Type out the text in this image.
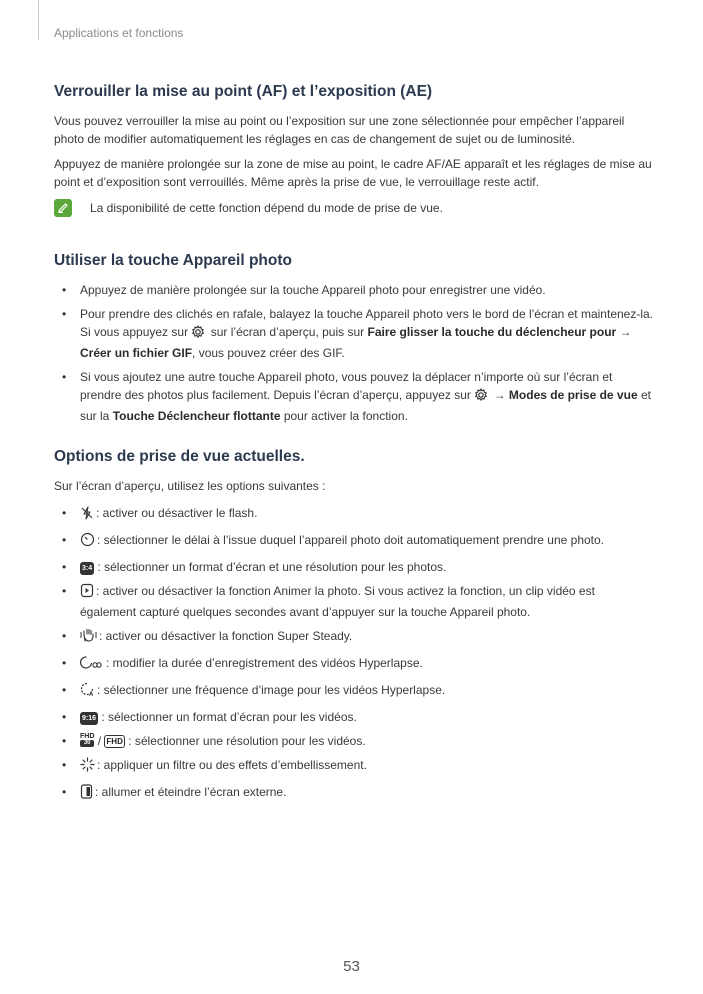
Applications et fonctions
Verrouiller la mise au point (AF) et l’exposition (AE)

Vous pouvez verrouiller la mise au point ou l’exposition sur une zone sélectionnée pour empêcher l’appareil photo de modifier automatiquement les réglages en cas de changement de sujet ou de luminosité.

Appuyez de manière prolongée sur la zone de mise au point, le cadre AF/AE apparaît et les réglages de mise au point et d’exposition sont verrouillés. Même après la prise de vue, le verrouillage reste actif.

La disponibilité de cette fonction dépend du mode de prise de vue.
Utiliser la touche Appareil photo
• Appuyez de manière prolongée sur la touche Appareil photo pour enregistrer une vidéo.
• Pour prendre des clichés en rafale, balayez la touche Appareil photo vers le bord de l’écran et maintenez-la. Si vous appuyez sur  sur l’écran d’aperçu, puis sur Faire glisser la touche du déclencheur pour → Créer un fichier GIF, vous pouvez créer des GIF.
• Si vous ajoutez une autre touche Appareil photo, vous pouvez la déplacer n’importe où sur l’écran et prendre des photos plus facilement. Depuis l’écran d’aperçu, appuyez sur  → Modes de prise de vue et sur la Touche Déclencheur flottante pour activer la fonction.
Options de prise de vue actuelles.

Sur l’écran d’aperçu, utilisez les options suivantes :

• : activer ou désactiver le flash.
• : sélectionner le délai à l’issue duquel l’appareil photo doit automatiquement prendre une photo.
• 3:4 : sélectionner un format d’écran et une résolution pour les photos.
• : activer ou désactiver la fonction Animer la photo. Si vous activez la fonction, un clip vidéo est également capturé quelques secondes avant d’appuyer sur la touche Appareil photo.
• : activer ou désactiver la fonction Super Steady.
• : modifier la durée d’enregistrement des vidéos Hyperlapse.
• A : sélectionner une fréquence d’image pour les vidéos Hyperlapse.
• 9:16 : sélectionner un format d’écran pour les vidéos.
• FHD
30 / FHD : sélectionner une résolution pour les vidéos.
• : appliquer un filtre ou des effets d’embellissement.
• : allumer et éteindre l’écran externe.
53
